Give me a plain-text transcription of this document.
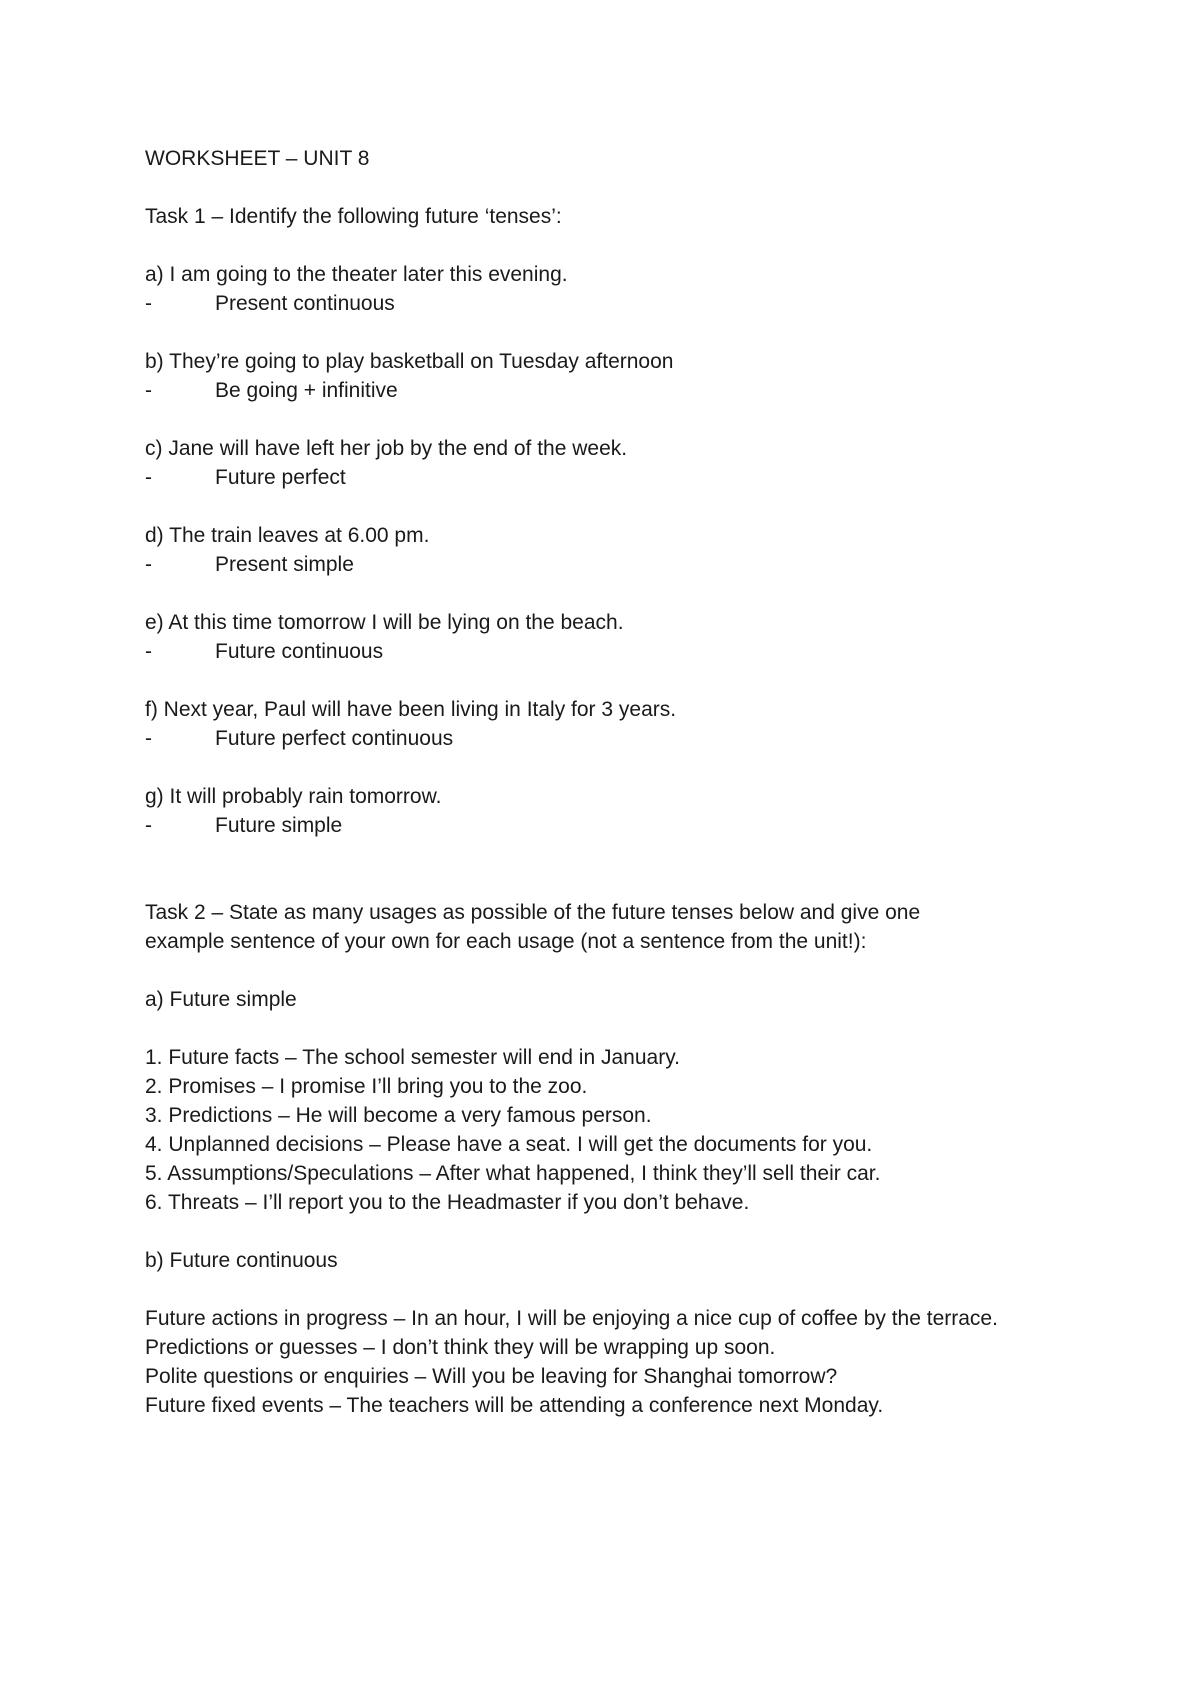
WORKSHEET – UNIT 8
Task 1 – Identify the following future ‘tenses’:
a) I am going to the theater later this evening.
-	Present continuous
b) They’re going to play basketball on Tuesday afternoon
-	Be going + infinitive
c) Jane will have left her job by the end of the week.
-	Future perfect
d) The train leaves at 6.00 pm.
-	Present simple
e) At this time tomorrow I will be lying on the beach.
-	Future continuous
f) Next year, Paul will have been living in Italy for 3 years.
-	Future perfect continuous
g) It will probably rain tomorrow.
-	Future simple
Task 2 – State as many usages as possible of the future tenses below and give one
example sentence of your own for each usage (not a sentence from the unit!):
a) Future simple
1. Future facts – The school semester will end in January.
2. Promises – I promise I’ll bring you to the zoo.
3. Predictions – He will become a very famous person.
4. Unplanned decisions – Please have a seat. I will get the documents for you.
5. Assumptions/Speculations – After what happened, I think they’ll sell their car.
6. Threats – I’ll report you to the Headmaster if you don’t behave.
b) Future continuous
Future actions in progress – In an hour, I will be enjoying a nice cup of coffee by the terrace.
Predictions or guesses – I don’t think they will be wrapping up soon.
Polite questions or enquiries – Will you be leaving for Shanghai tomorrow?
Future fixed events – The teachers will be attending a conference next Monday.
